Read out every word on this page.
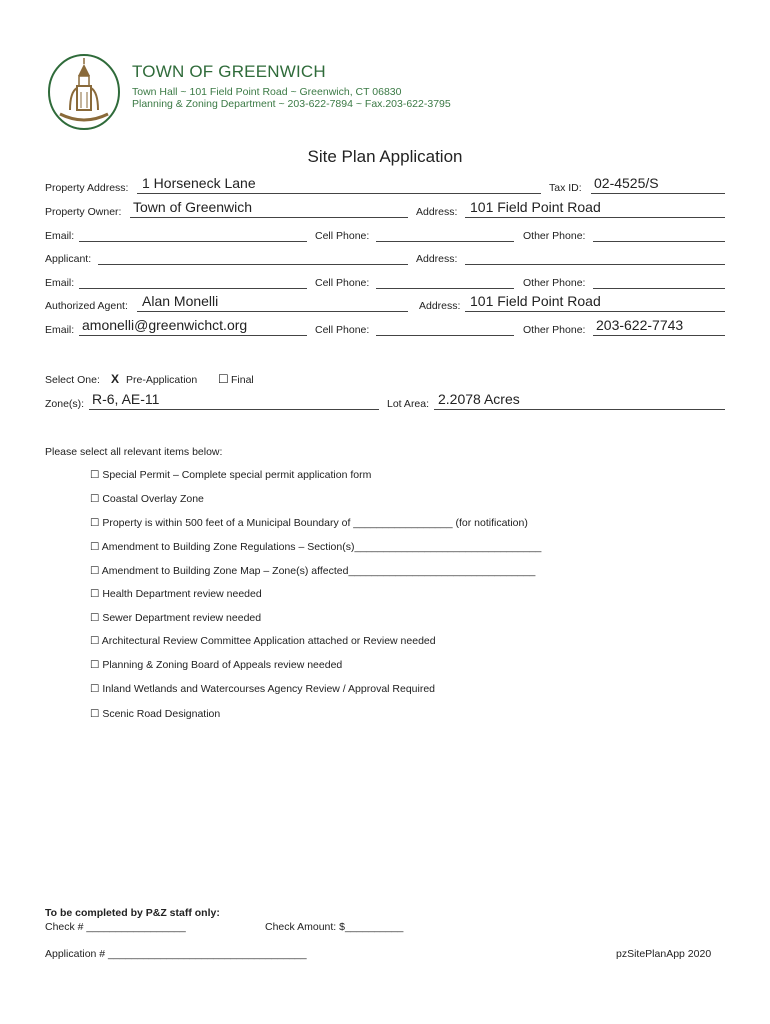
TOWN OF GREENWICH
Town Hall ~ 101 Field Point Road ~ Greenwich, CT 06830
Planning & Zoning Department ~ 203-622-7894 ~ Fax.203-622-3795
Site Plan Application
Property Address: 1 Horseneck Lane	Tax ID: 02-4525/S
Property Owner: Town of Greenwich	Address: 101 Field Point Road
Email:	Cell Phone:	Other Phone:
Applicant:	Address:
Email:	Cell Phone:	Other Phone:
Authorized Agent: Alan Monelli	Address: 101 Field Point Road
Email: amonelli@greenwichct.org	Cell Phone:	Other Phone: 203-622-7743
Select One: X Pre-Application ☐ Final
Zone(s): R-6, AE-11	Lot Area: 2.2078 Acres
Please select all relevant items below:
☐ Special Permit – Complete special permit application form
☐ Coastal Overlay Zone
☐ Property is within 500 feet of a Municipal Boundary of _________________ (for notification)
☐ Amendment to Building Zone Regulations – Section(s)________________________________
☐ Amendment to Building Zone Map – Zone(s) affected________________________________
☐ Health Department review needed
☐ Sewer Department review needed
☐ Architectural Review Committee Application attached or Review needed
☐ Planning & Zoning Board of Appeals review needed
☐ Inland Wetlands and Watercourses Agency Review / Approval Required
☐ Scenic Road Designation
To be completed by P&Z staff only:
Check # _________________	Check Amount: $__________
Application # __________________________________	pzSitePlanApp 2020
